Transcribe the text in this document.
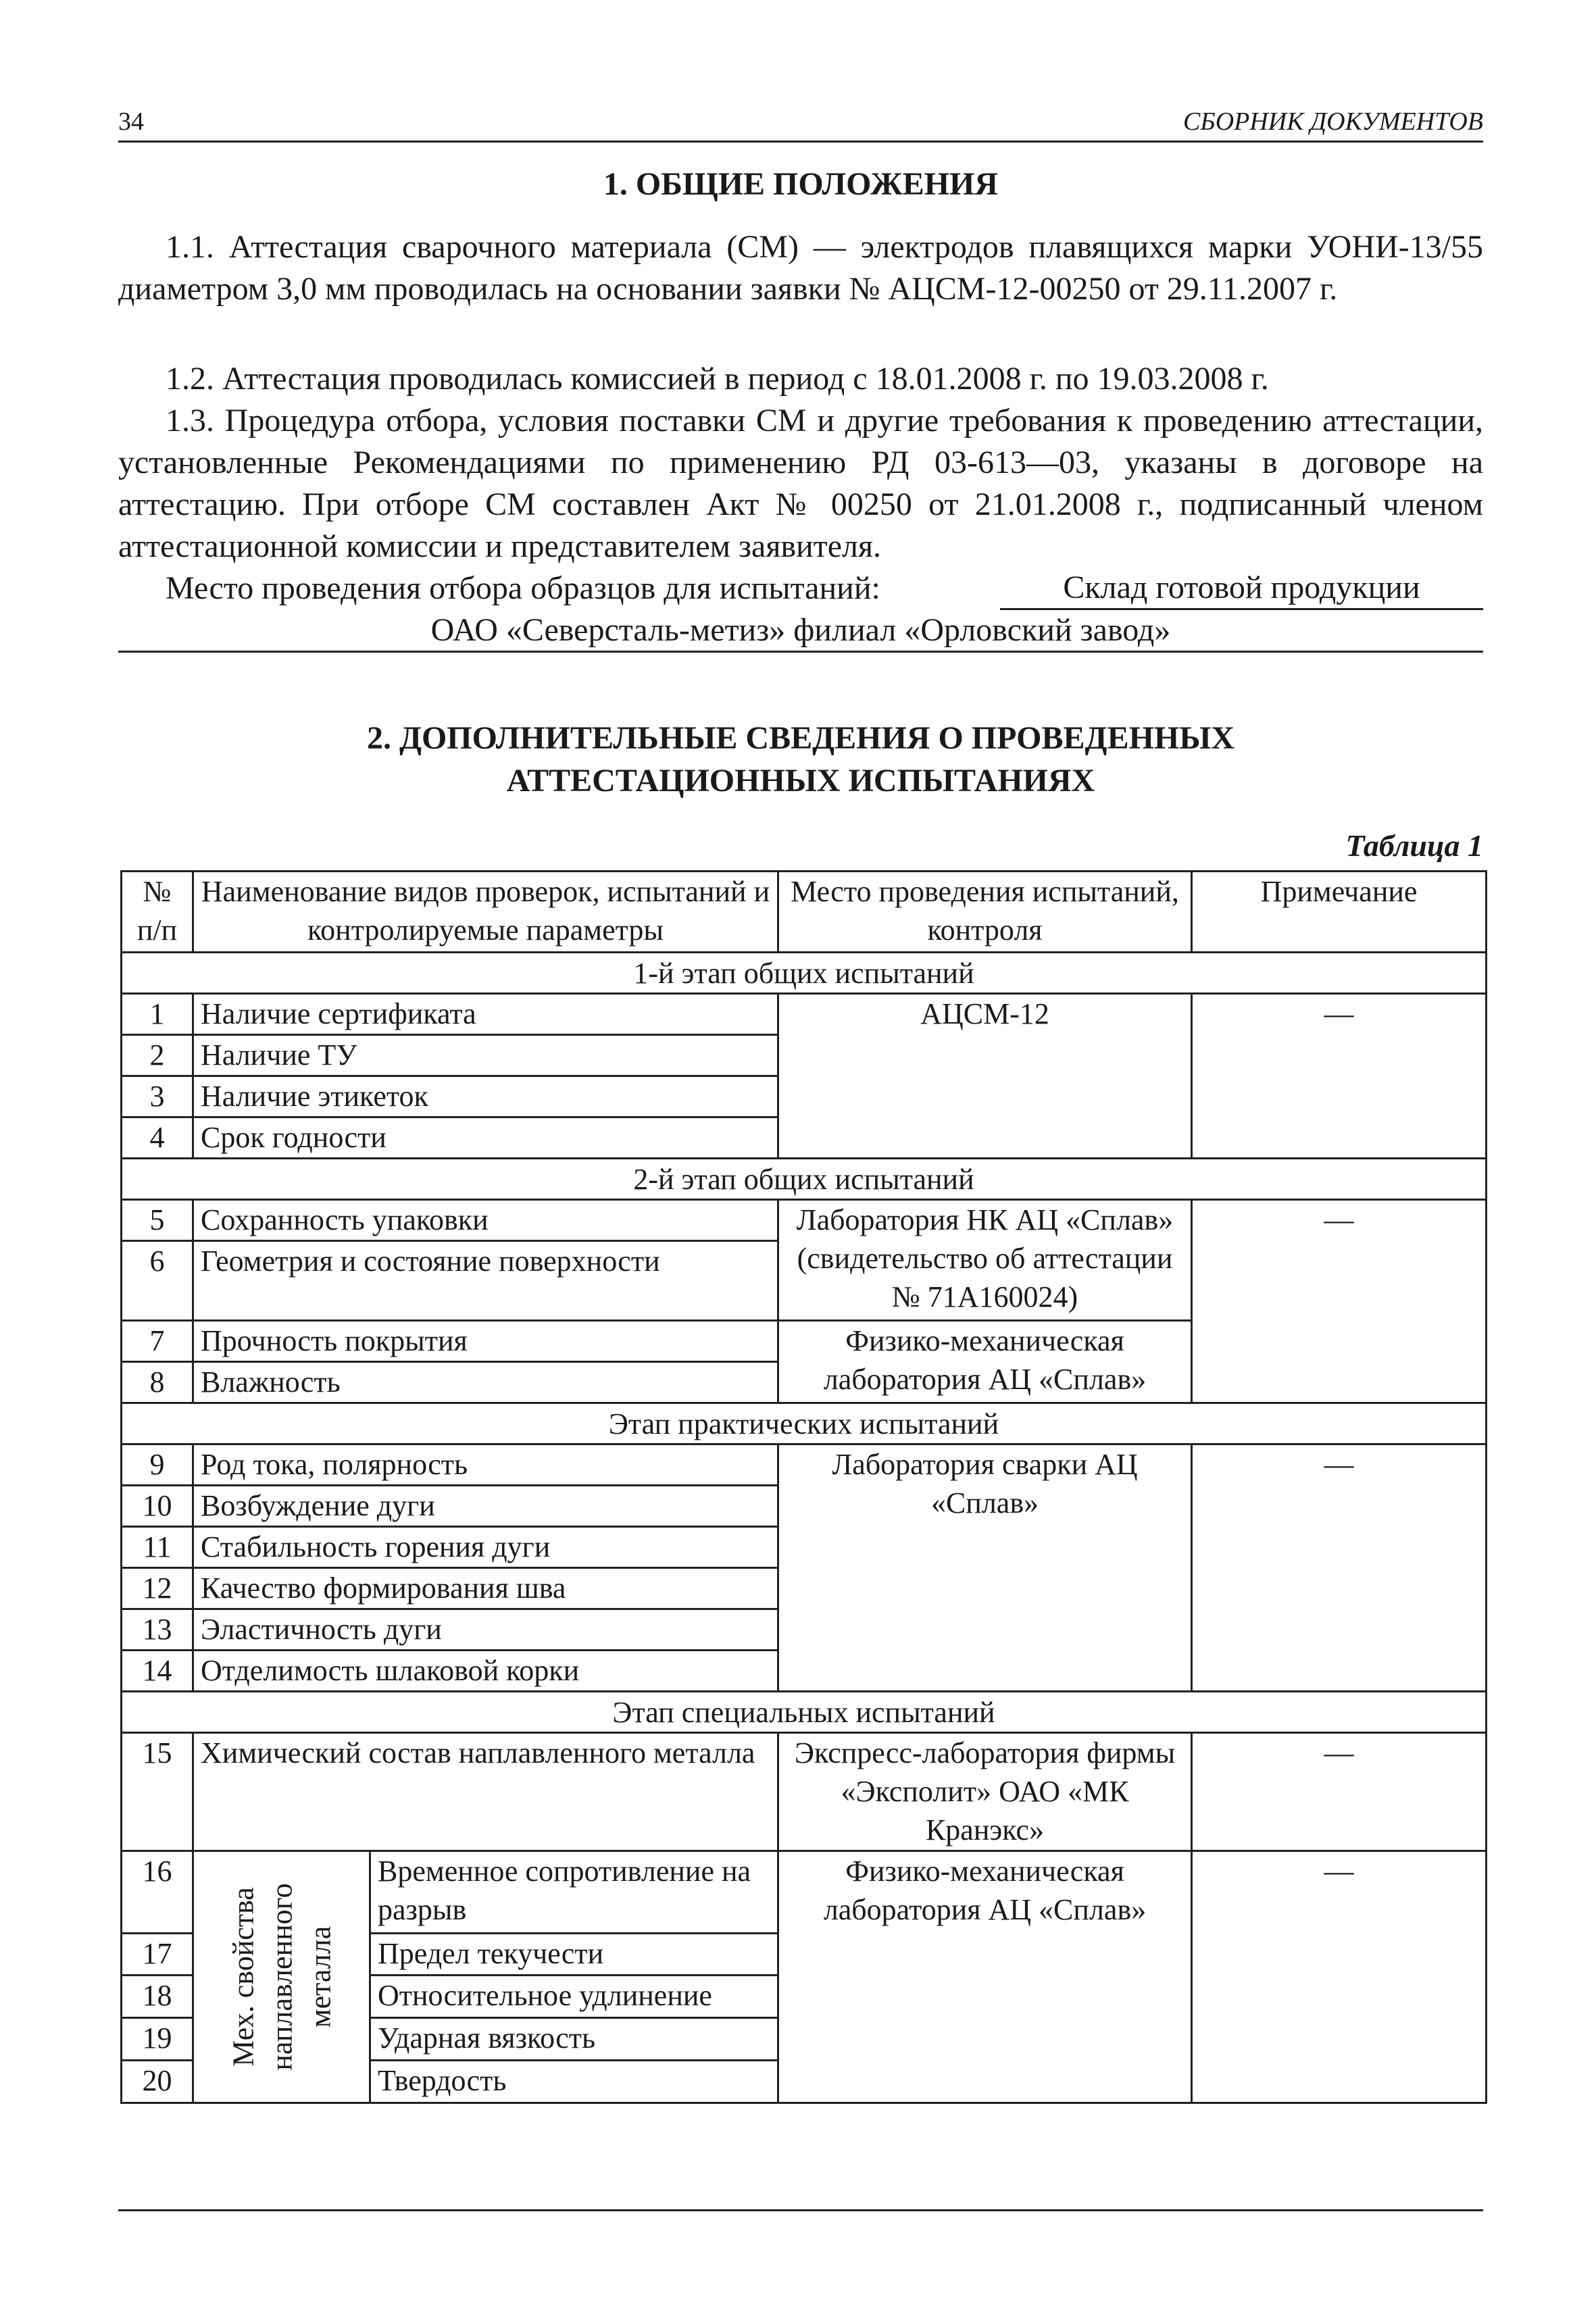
34	СБОРНИК ДОКУМЕНТОВ
1. ОБЩИЕ ПОЛОЖЕНИЯ
1.1. Аттестация сварочного материала (СМ) — электродов плавящихся марки УОНИ-13/55 диаметром 3,0 мм проводилась на основании заявки № АЦСМ-12-00250 от 29.11.2007 г.
1.2. Аттестация проводилась комиссией в период с 18.01.2008 г. по 19.03.2008 г.
1.3. Процедура отбора, условия поставки СМ и другие требования к проведению аттестации, установленные Рекомендациями по применению РД 03-613—03, указаны в договоре на аттестацию. При отборе СМ составлен Акт № 00250 от 21.01.2008 г., подписанный членом аттестационной комиссии и представителем заявителя.
Место проведения отбора образцов для испытаний:	Склад готовой продукции
ОАО «Северсталь-метиз» филиал «Орловский завод»
2. ДОПОЛНИТЕЛЬНЫЕ СВЕДЕНИЯ О ПРОВЕДЕННЫХ
АТТЕСТАЦИОННЫХ ИСПЫТАНИЯХ
Таблица 1
№ п/п	Наименование видов проверок, испытаний и контролируемые параметры		Место проведения испытаний, контроля	Примечание
1-й этап общих испытаний				
1	Наличие сертификата		АЦСМ-12	—
2	Наличие ТУ			
3	Наличие этикеток			
4	Срок годности			
2-й этап общих испытаний				
5	Сохранность упаковки		Лаборатория НК АЦ «Сплав» (свидетельство об аттестации № 71А160024)	—
6	Геометрия и состояние поверхности			
7	Прочность покрытия		Физико-механическая лаборатория АЦ «Сплав»	
8	Влажность			
Этап практических испытаний				
9	Род тока, полярность		Лаборатория сварки АЦ «Сплав»	—
10	Возбуждение дуги			
11	Стабильность горения дуги			
12	Качество формирования шва			
13	Эластичность дуги			
14	Отделимость шлаковой корки			
Этап специальных испытаний				
15	Химический состав наплавленного металла		Экспресс-лаборатория фирмы «Эксполит» ОАО «МК Кранэкс»	—
16	Мех. свойства наплавленного металла	Временное сопротивление на разрыв	Физико-механическая лаборатория АЦ «Сплав»	—
17		Предел текучести		
18		Относительное удлинение		
19		Ударная вязкость		
20		Твердость		
